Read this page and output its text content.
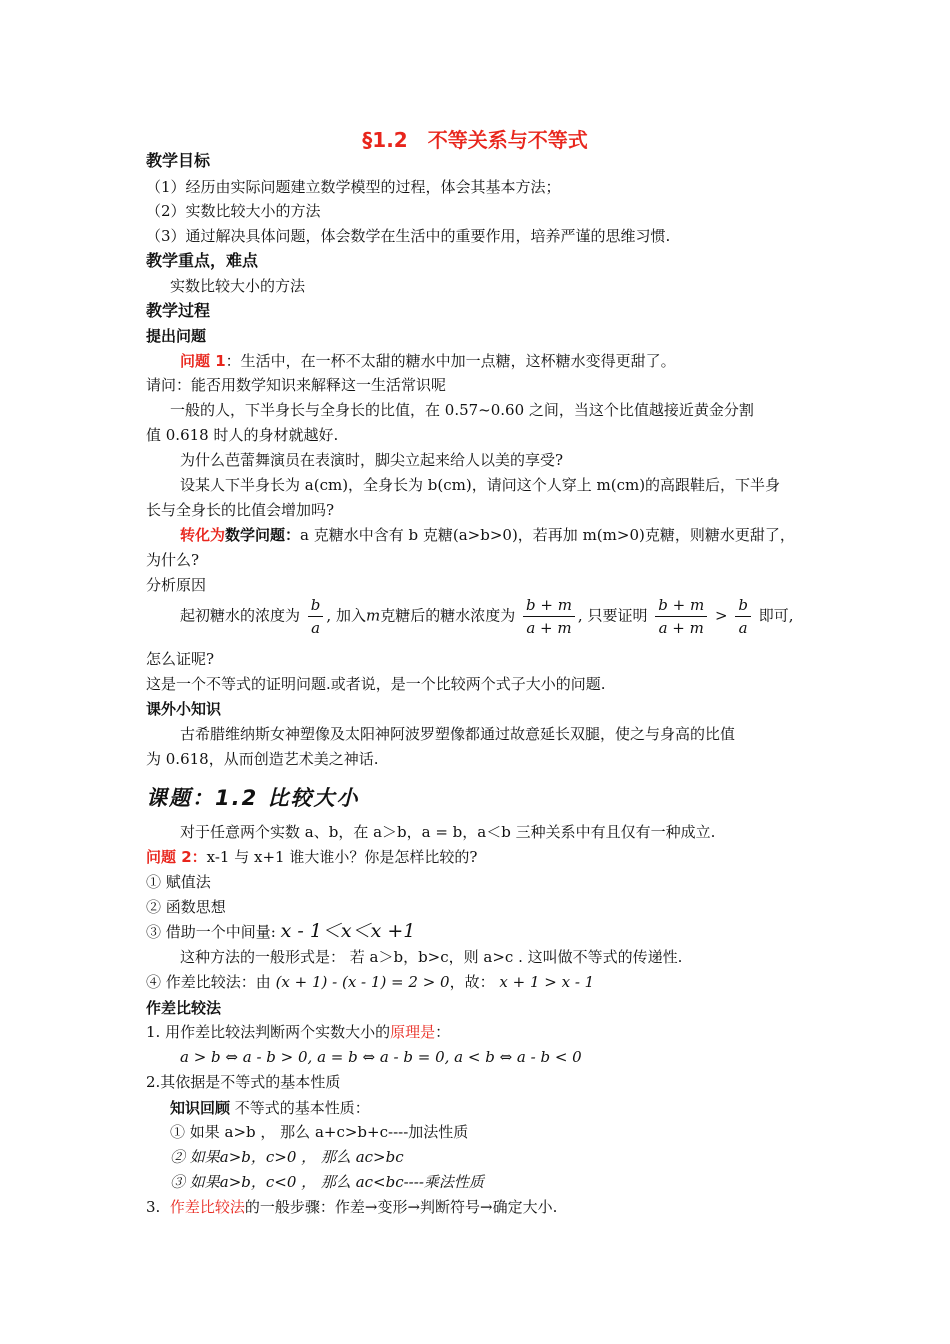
§1.2　不等关系与不等式
教学目标
（1）经历由实际问题建立数学模型的过程，体会其基本方法；
（2）实数比较大小的方法
（3）通过解决具体问题，体会数学在生活中的重要作用，培养严谨的思维习惯.
教学重点，难点
实数比较大小的方法
教学过程
提出问题
问题 1：生活中，在一杯不太甜的糖水中加一点糖，这杯糖水变得更甜了。
请问：能否用数学知识来解释这一生活常识呢
一般的人，下半身长与全身长的比值，在 0.57~0.60 之间，当这个比值越接近黄金分割
值 0.618 时人的身材就越好.
为什么芭蕾舞演员在表演时，脚尖立起来给人以美的享受?
设某人下半身长为 a(cm)，全身长为 b(cm)，请问这个人穿上 m(cm)的高跟鞋后，下半身
长与全身长的比值会增加吗?
转化为数学问题：a 克糖水中含有 b 克糖(a>b>0)，若再加 m(m>0)克糖，则糖水更甜了，
为什么?
分析原因
起初糖水的浓度为 $\frac{b}{a}$ , 加入m克糖后的糖水浓度为 $\frac{b + m}{a + m}$ , 只要证明 $\frac{b + m}{a + m} > \frac{b}{a}$ 即可,
怎么证呢?
这是一个不等式的证明问题.或者说，是一个比较两个式子大小的问题.
课外小知识
古希腊维纳斯女神塑像及太阳神阿波罗塑像都通过故意延长双腿，使之与身高的比值
为 0.618，从而创造艺术美之神话.
课题：1.2 比较大小
对于任意两个实数 a、b，在 a＞b，a = b，a＜b 三种关系中有且仅有一种成立.
问题 2：x-1 与 x+1 谁大谁小？你是怎样比较的?
① 赋值法
② 函数思想
③ 借助一个中间量: x - 1＜x＜x +1
这种方法的一般形式是： 若 a＞b，b>c，则 a>c . 这叫做不等式的传递性.
④ 作差比较法：由 (x + 1) - (x - 1) = 2 > 0，故： x + 1 > x - 1
作差比较法
1. 用作差比较法判断两个实数大小的原理是：
a > b ⇔ a - b > 0, a = b ⇔ a - b = 0, a < b ⇔ a - b < 0
2.其依据是不等式的基本性质
知识回顾 不等式的基本性质：
① 如果 a>b ， 那么 a+c>b+c----加法性质
② 如果a>b，c>0 ， 那么 ac>bc
③ 如果a>b，c<0 ， 那么 ac<bc----乘法性质
3. 作差比较法的一般步骤：作差→变形→判断符号→确定大小.
